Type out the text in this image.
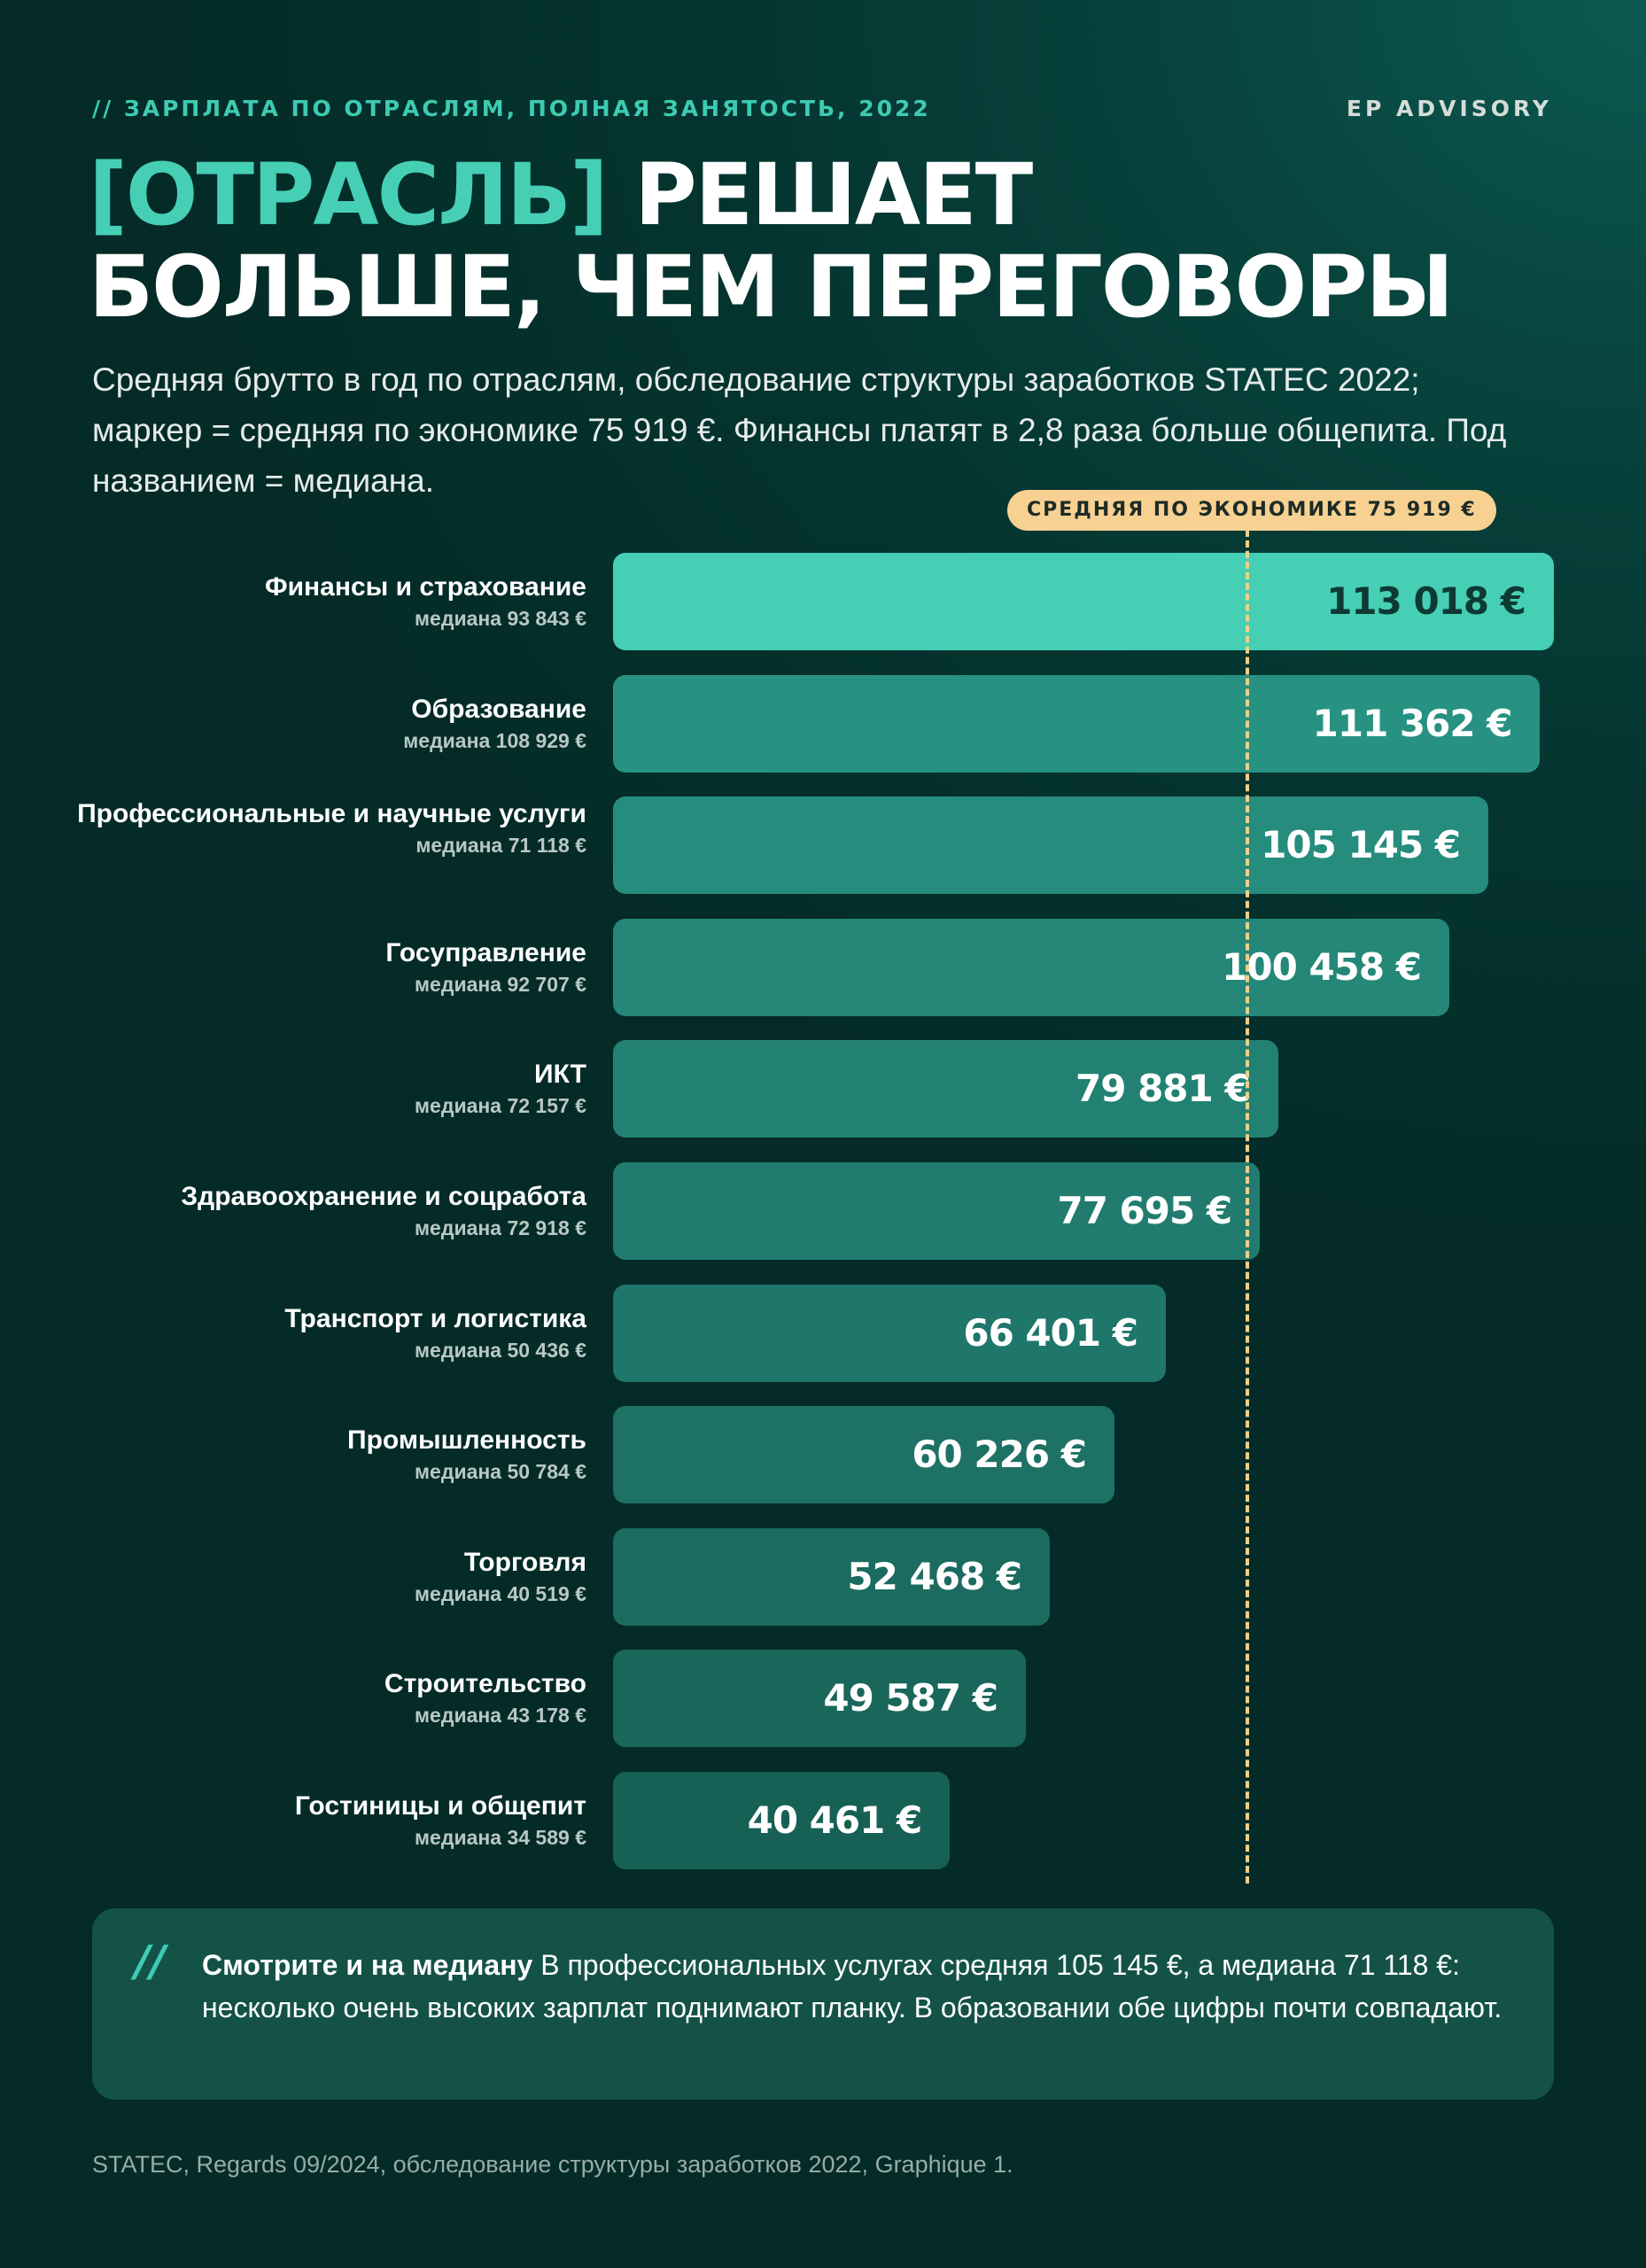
// ЗАРПЛАТА ПО ОТРАСЛЯМ, ПОЛНАЯ ЗАНЯТОСТЬ, 2022	EP ADVISORY
[ОТРАСЛЬ] РЕШАЕТ
БОЛЬШЕ, ЧЕМ ПЕРЕГОВОРЫ

Средняя брутто в год по отраслям, обследование структуры заработков STATEC 2022; маркер = средняя по экономике 75 919 €. Финансы платят в 2,8 раза больше общепита. Под названием = медиана.

113 018 €
Финансы и страхование
медиана 93 843 €
111 362 €
Образование
медиана 108 929 €
105 145 €
Профессиональные и научные услуги
медиана 71 118 €
100 458 €
Госуправление
медиана 92 707 €
79 881 €
ИКТ
медиана 72 157 €
77 695 €
Здравоохранение и соцработа
медиана 72 918 €
66 401 €
Транспорт и логистика
медиана 50 436 €
60 226 €
Промышленность
медиана 50 784 €
52 468 €
Торговля
медиана 40 519 €
49 587 €
Строительство
медиана 43 178 €
40 461 €
Гостиницы и общепит
медиана 34 589 €
СРЕДНЯЯ ПО ЭКОНОМИКЕ 75 919 €
// Смотрите и на медиану В профессиональных услугах средняя 105 145 €, а медиана 71 118 €: несколько очень высоких зарплат поднимают планку. В образовании обе цифры почти совпадают.

STATEC, Regards 09/2024, обследование структуры заработков 2022, Graphique 1.
